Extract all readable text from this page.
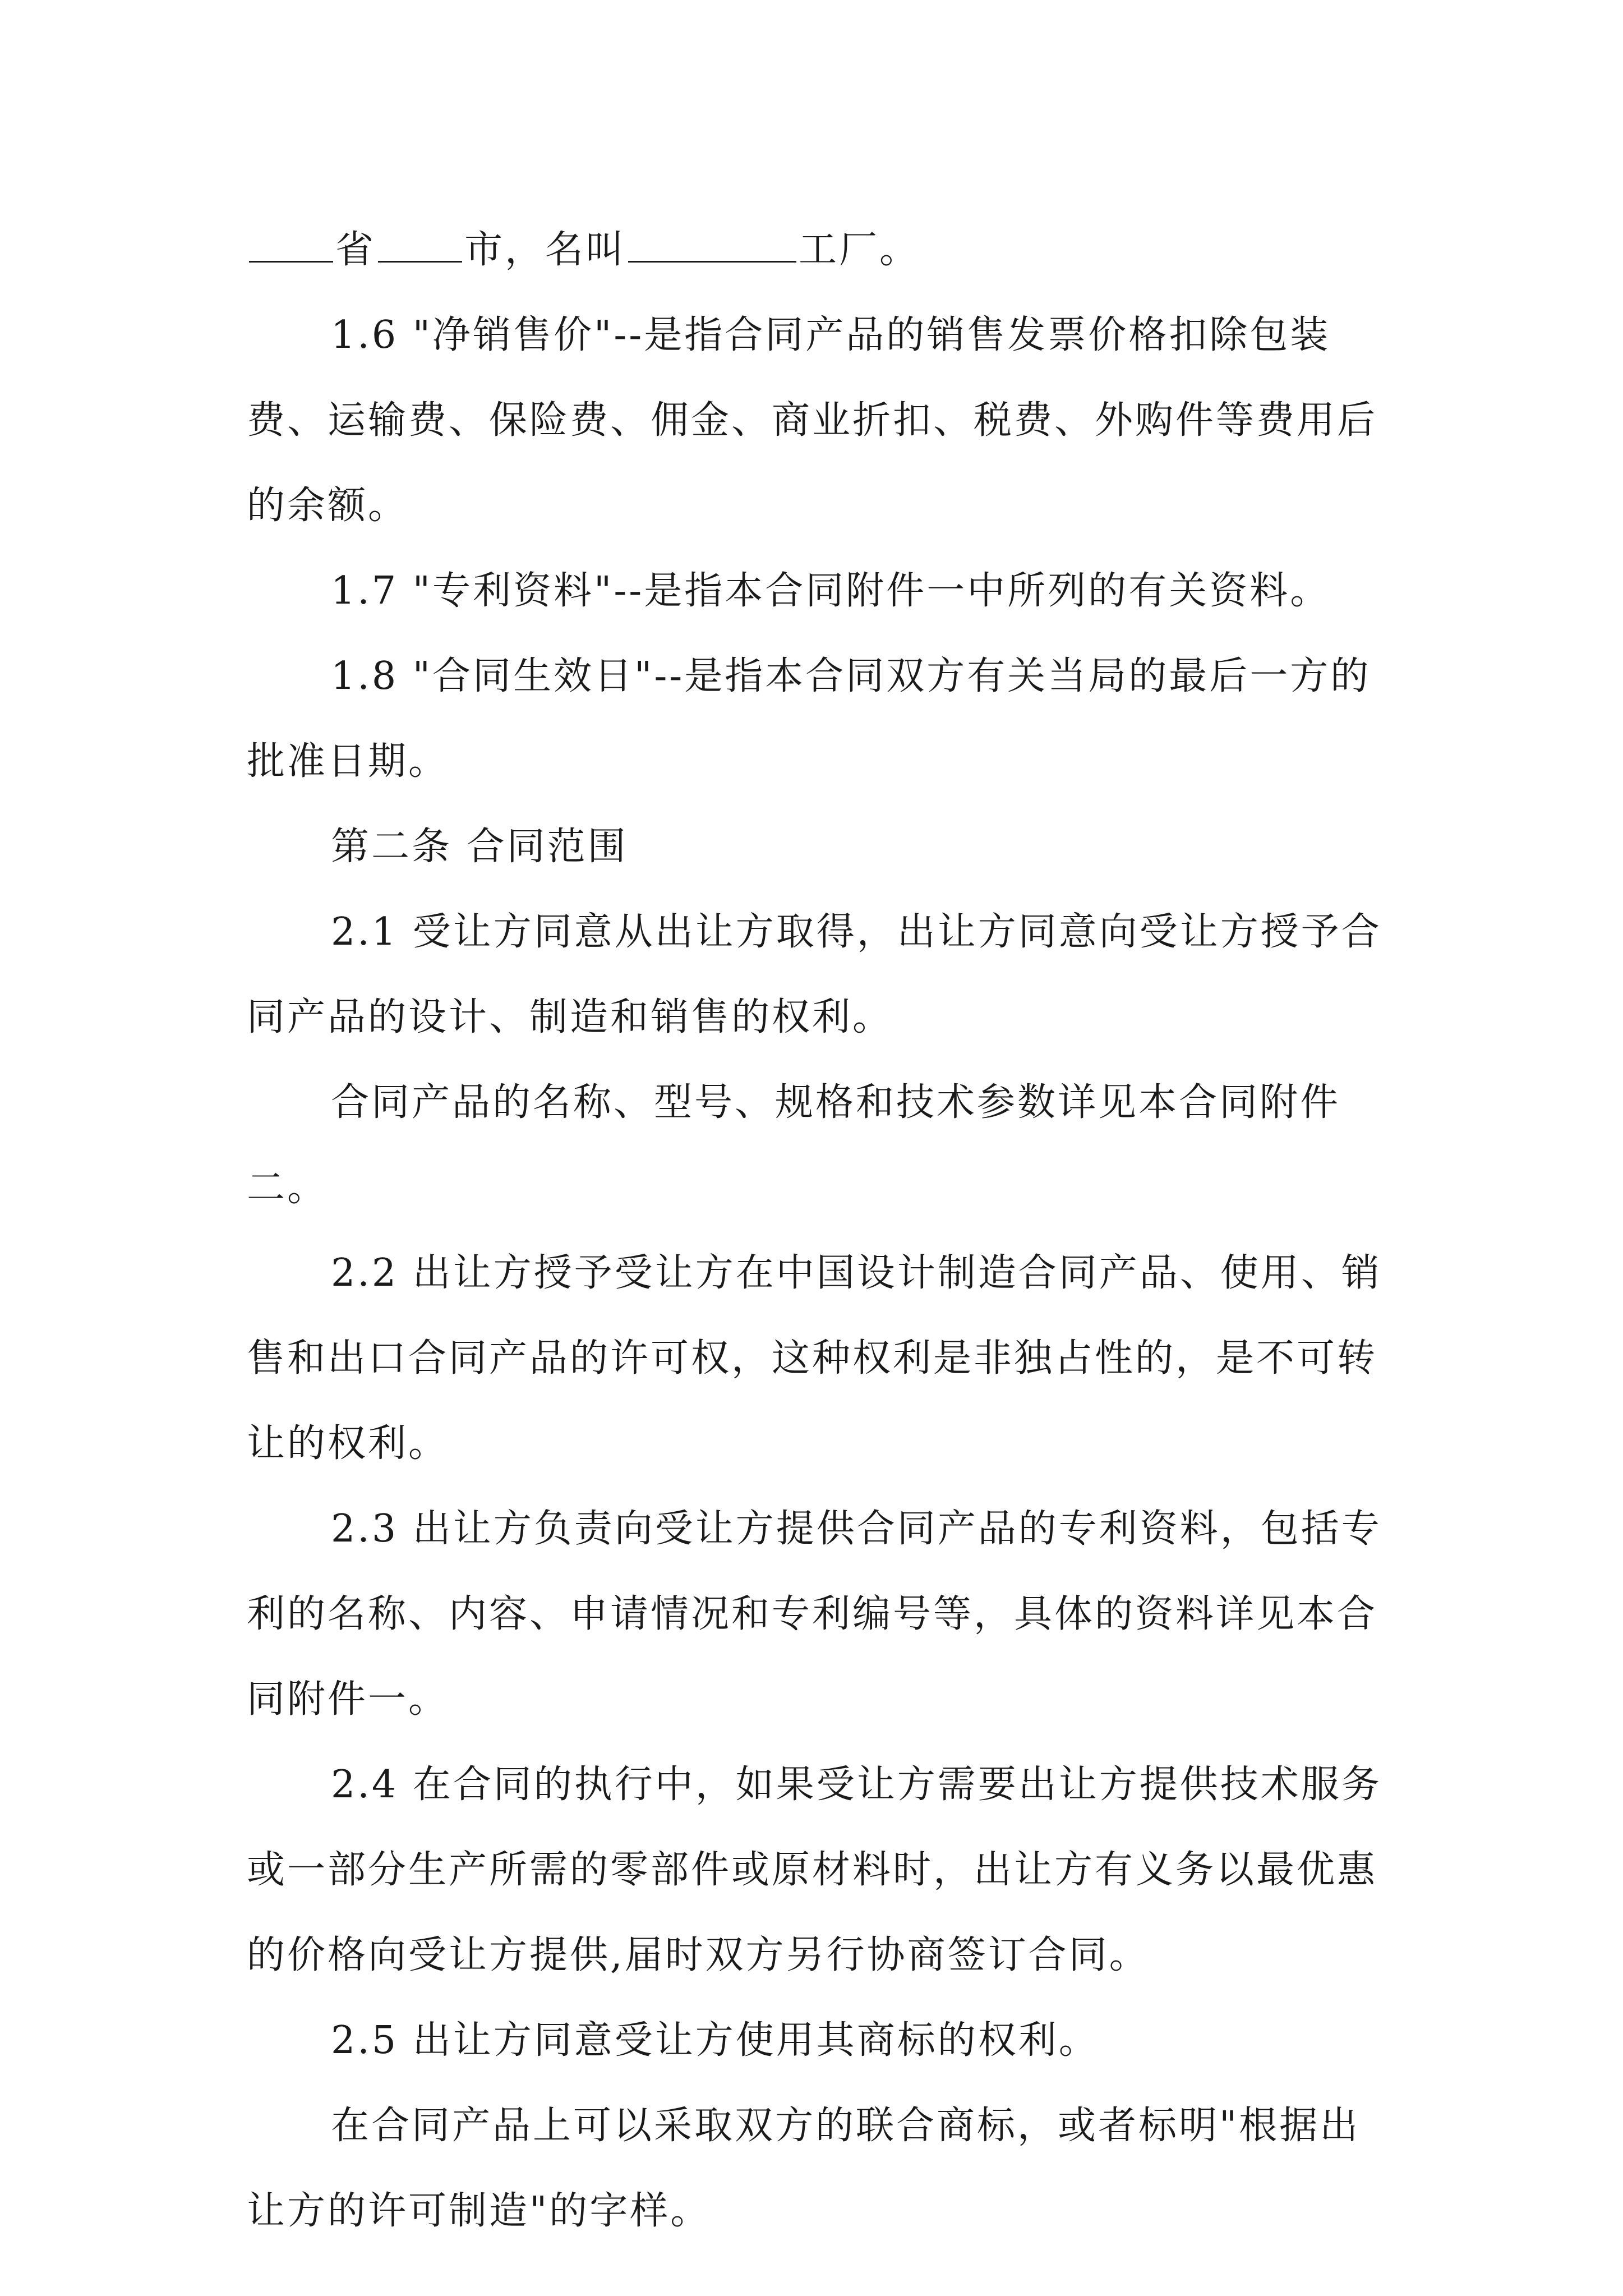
省 市，名叫	工厂。

1.6 "净销售价"--是指合同产品的销售发票价格扣除包装费、运输费、保险费、佣金、商业折扣、税费、外购件等费用后的余额。

1.7 "专利资料"--是指本合同附件一中所列的有关资料。

1.8 "合同生效日"--是指本合同双方有关当局的最后一方的批准日期。

第二条 合同范围

2.1 受让方同意从出让方取得，出让方同意向受让方授予合同产品的设计、制造和销售的权利。

合同产品的名称、型号、规格和技术参数详见本合同附件二。

2.2 出让方授予受让方在中国设计制造合同产品、使用、销售和出口合同产品的许可权，这种权利是非独占性的，是不可转让的权利。

2.3 出让方负责向受让方提供合同产品的专利资料，包括专利的名称、内容、申请情况和专利编号等，具体的资料详见本合同附件一。

2.4 在合同的执行中，如果受让方需要出让方提供技术服务或一部分生产所需的零部件或原材料时，出让方有义务以最优惠的价格向受让方提供,届时双方另行协商签订合同。

2.5 出让方同意受让方使用其商标的权利。

在合同产品上可以采取双方的联合商标，或者标明"根据出让方的许可制造"的字样。
